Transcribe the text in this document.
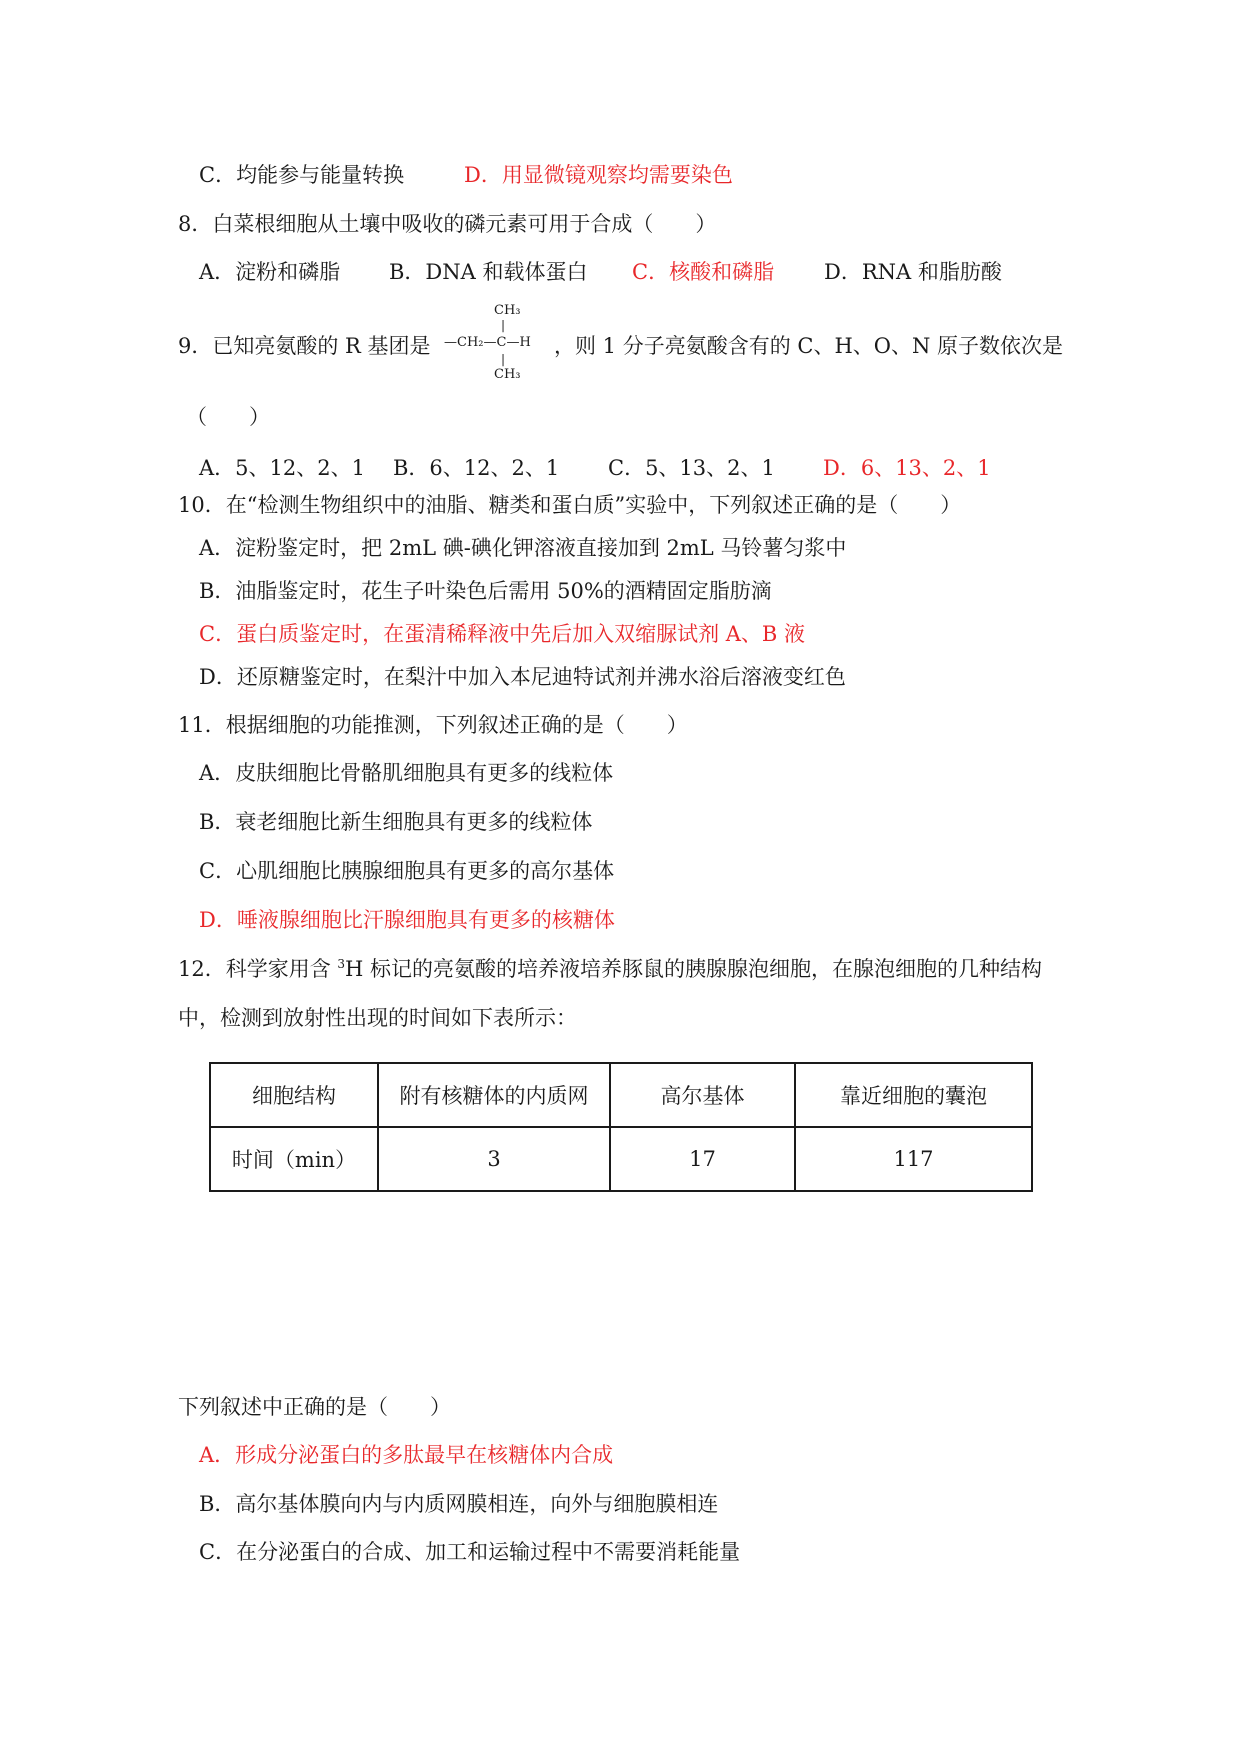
C．均能参与能量转换	D．用显微镜观察均需要染色
8．白菜根细胞从土壤中吸收的磷元素可用于合成（　　）
A．淀粉和磷脂 B．DNA 和载体蛋白 C．核酸和磷脂 D．RNA 和脂肪酸
9．已知亮氨酸的 R 基团是
CH₃
|
—CH₂—C—H
|
CH₃
，则 1 分子亮氨酸含有的 C、H、O、N 原子数依次是
（　　）
A．5、12、2、1 B．6、12、2、1 C．5、13、2、1 D．6、13、2、1
10．在“检测生物组织中的油脂、糖类和蛋白质”实验中，下列叙述正确的是（　　）
A．淀粉鉴定时，把 2mL 碘-碘化钾溶液直接加到 2mL 马铃薯匀浆中
B．油脂鉴定时，花生子叶染色后需用 50%的酒精固定脂肪滴
C．蛋白质鉴定时，在蛋清稀释液中先后加入双缩脲试剂 A、B 液
D．还原糖鉴定时，在梨汁中加入本尼迪特试剂并沸水浴后溶液变红色
11．根据细胞的功能推测，下列叙述正确的是（　　）
A．皮肤细胞比骨骼肌细胞具有更多的线粒体
B．衰老细胞比新生细胞具有更多的线粒体
C．心肌细胞比胰腺细胞具有更多的高尔基体
D．唾液腺细胞比汗腺细胞具有更多的核糖体
12．科学家用含 $^3$H 标记的亮氨酸的培养液培养豚鼠的胰腺腺泡细胞，在腺泡细胞的几种结构
中，检测到放射性出现的时间如下表所示：
细胞结构	附有核糖体的内质网	高尔基体	靠近细胞的囊泡
时间（min）	3	17	117
下列叙述中正确的是（　　）
A．形成分泌蛋白的多肽最早在核糖体内合成
B．高尔基体膜向内与内质网膜相连，向外与细胞膜相连
C．在分泌蛋白的合成、加工和运输过程中不需要消耗能量
